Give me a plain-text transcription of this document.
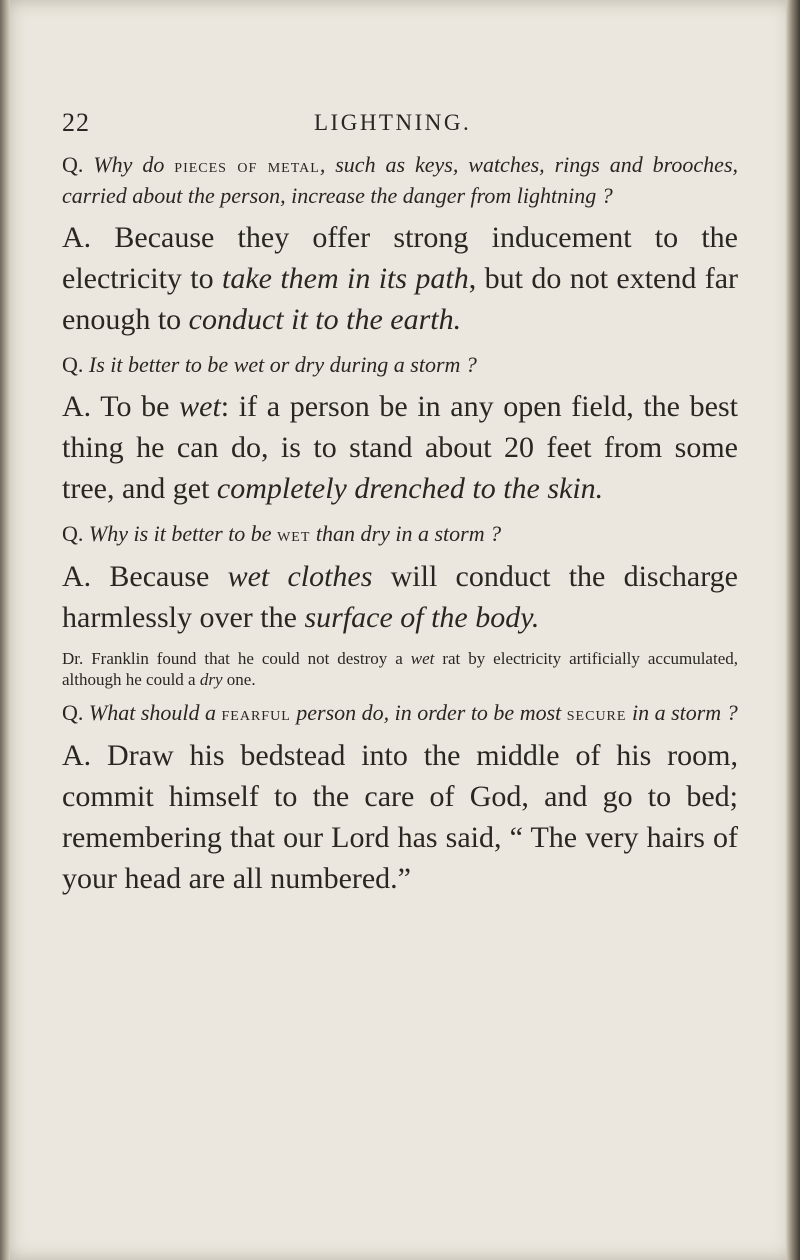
22	LIGHTNING.

Q. Why do pieces of metal, such as keys, watches, rings and brooches, carried about the person, increase the danger from lightning ?

A. Because they offer strong inducement to the electricity to take them in its path, but do not extend far enough to conduct it to the earth.

Q. Is it better to be wet or dry during a storm ?

A. To be wet: if a person be in any open field, the best thing he can do, is to stand about 20 feet from some tree, and get completely drenched to the skin.

Q. Why is it better to be wet than dry in a storm ?

A. Because wet clothes will conduct the discharge harmlessly over the surface of the body.

Dr. Franklin found that he could not destroy a wet rat by electricity artificially accumulated, although he could a dry one.

Q. What should a fearful person do, in order to be most secure in a storm ?

A. Draw his bedstead into the middle of his room, commit himself to the care of God, and go to bed; remembering that our Lord has said, “ The very hairs of your head are all numbered.”
